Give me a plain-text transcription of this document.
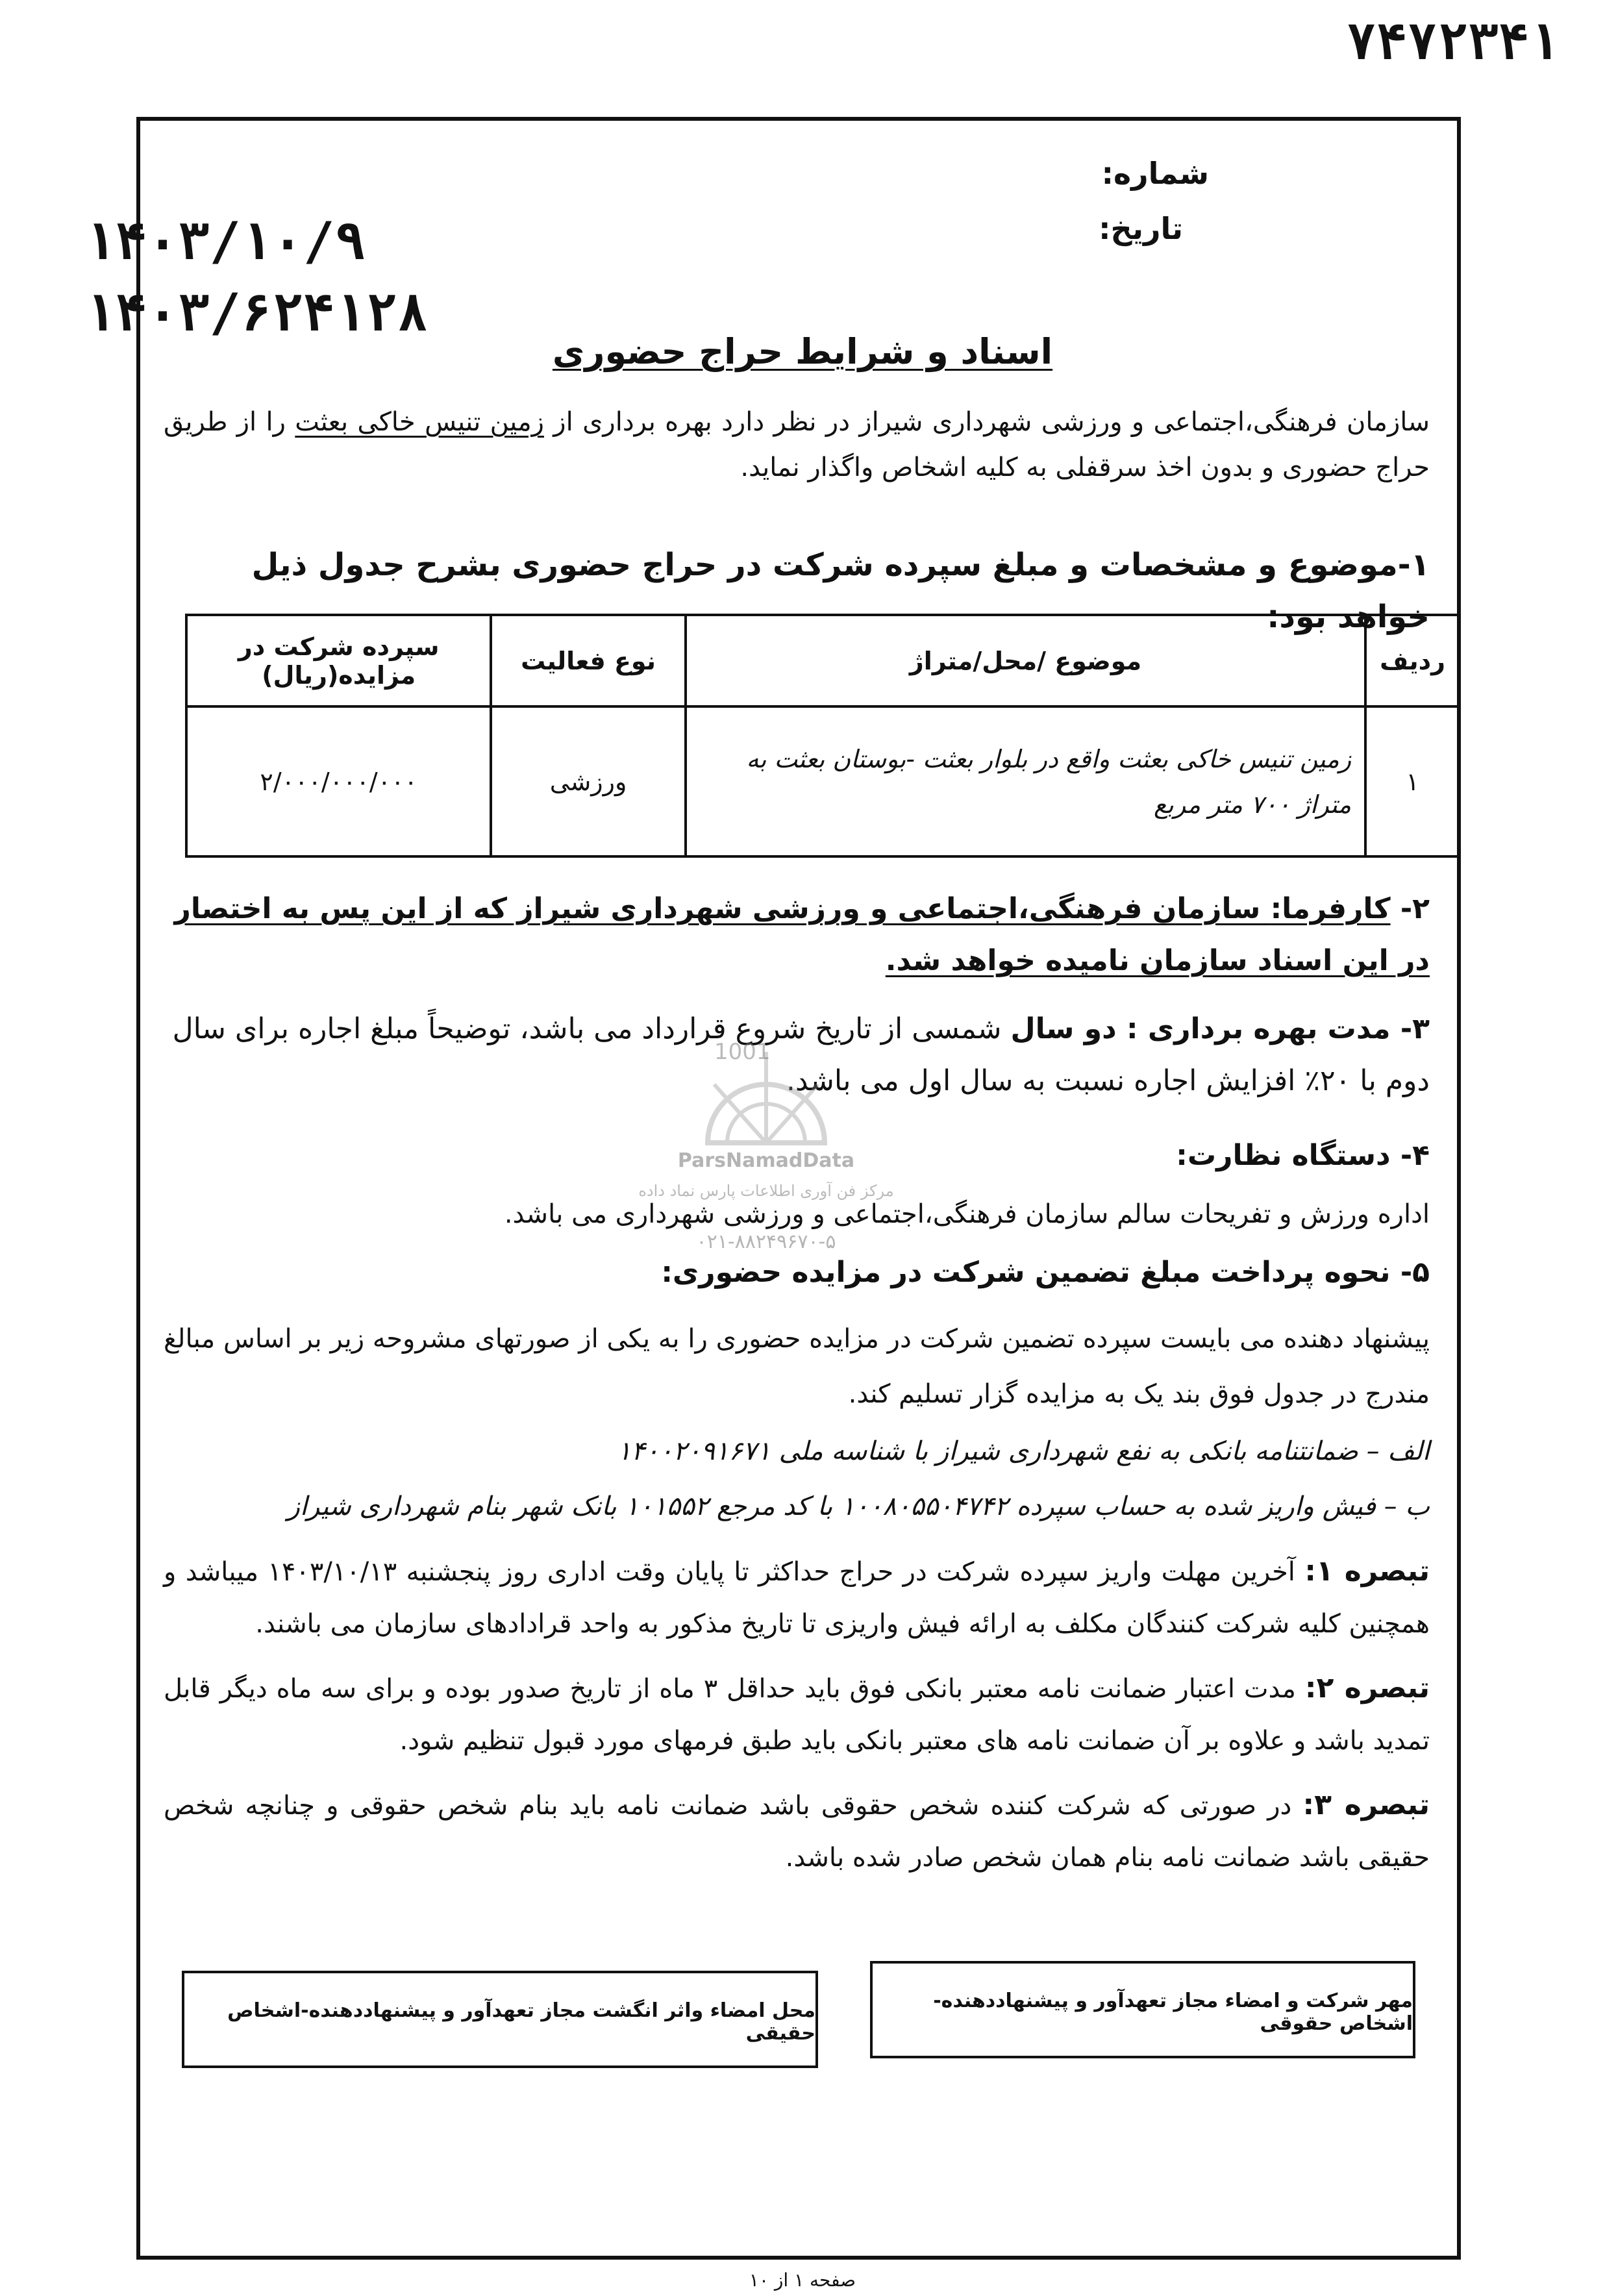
۷۴۷۲۳۴۱
شماره:
تاریخ:
۱۴۰۳/۱۰/۹
۱۴۰۳/۶۲۴۱۲۸
اسناد و شرایط حراج حضوری
سازمان فرهنگی،اجتماعی و ورزشی شهرداری شیراز در نظر دارد بهره برداری از زمین تنیس خاکی بعثت را از طریق حراج حضوری و بدون اخذ سرقفلی به کلیه اشخاص واگذار نماید.
۱-موضوع و مشخصات و مبلغ سپرده شرکت در حراج حضوری بشرح جدول ذیل خواهد بود:
ردیف	موضوع /محل/متراژ	نوع فعالیت	سپرده شرکت در مزایده(ریال)
۱	زمین تنیس خاکی بعثت واقع در بلوار بعثت -بوستان بعثت به متراژ ۷۰۰ متر مربع	ورزشی	۲/۰۰۰/۰۰۰/۰۰۰
۲- کارفرما: سازمان فرهنگی،اجتماعی و ورزشی شهرداری شیراز که از این پس به اختصار در این اسناد سازمان نامیده خواهد شد.
۳- مدت بهره برداری : دو سال شمسی از تاریخ شروع قرارداد می باشد، توضیحاً مبلغ اجاره برای سال دوم با ۲۰٪ افزایش اجاره نسبت به سال اول می باشد.
1001
ParsNamadData
مرکز فن آوری اطلاعات پارس نماد داده
۰۲۱-۸۸۲۴۹۶۷۰-۵
۴- دستگاه نظارت:
اداره ورزش و تفریحات سالم سازمان فرهنگی،اجتماعی و ورزشی شهرداری می باشد.
۵- نحوه پرداخت مبلغ تضمین شرکت در مزایده حضوری:
پیشنهاد دهنده می بایست سپرده تضمین شرکت در مزایده حضوری را به یکی از صورتهای مشروحه زیر بر اساس مبالغ مندرج در جدول فوق بند یک به مزایده گزار تسلیم کند.
الف – ضمانتنامه بانکی به نفع شهرداری شیراز با شناسه ملی ۱۴۰۰۲۰۹۱۶۷۱
ب – فیش واریز شده به حساب سپرده ۱۰۰۸۰۵۵۰۴۷۴۲ با کد مرجع ۱۰۱۵۵۲ بانک شهر بنام شهرداری شیراز
تبصره ۱: آخرین مهلت واریز سپرده شرکت در حراج حداکثر تا پایان وقت اداری روز پنجشنبه ۱۴۰۳/۱۰/۱۳ میباشد و همچنین کلیه شرکت کنندگان مکلف به ارائه فیش واریزی تا تاریخ مذکور به واحد قرادادهای سازمان می باشند.
تبصره ۲: مدت اعتبار ضمانت نامه معتبر بانکی فوق باید حداقل ۳ ماه از تاریخ صدور بوده و برای سه ماه دیگر قابل تمدید باشد و علاوه بر آن ضمانت نامه های معتبر بانکی باید طبق فرمهای مورد قبول تنظیم شود.
تبصره ۳: در صورتی که شرکت کننده شخص حقوقی باشد ضمانت نامه باید بنام شخص حقوقی و چنانچه شخص حقیقی باشد ضمانت نامه بنام همان شخص صادر شده باشد.
مهر شرکت و امضاء مجاز تعهدآور و پیشنهاددهنده-اشخاص حقوقی
محل امضاء واثر انگشت مجاز تعهدآور و پیشنهاددهنده-اشخاص حقیقی
صفحه ۱ از ۱۰
